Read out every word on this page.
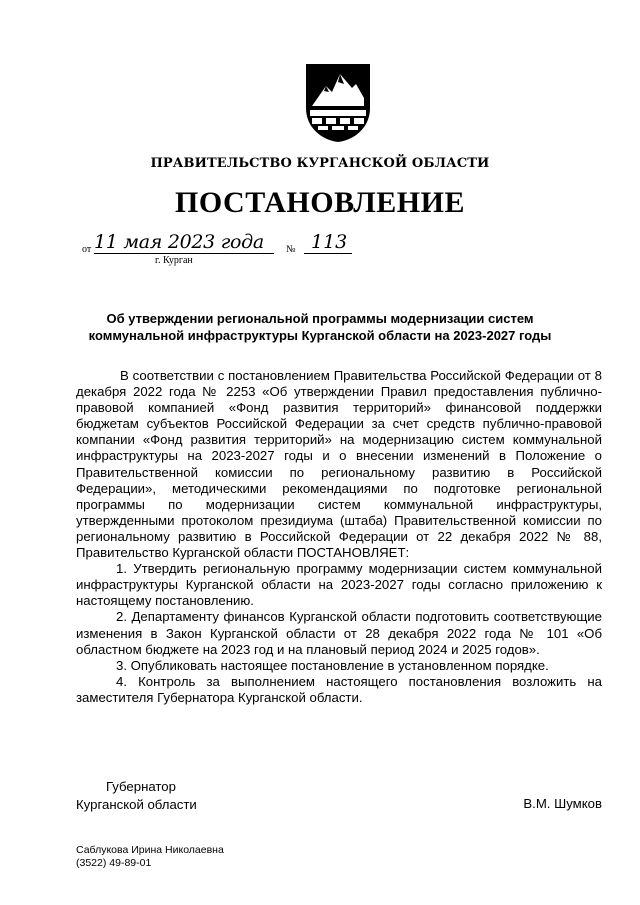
ПРАВИТЕЛЬСТВО КУРГАНСКОЙ ОБЛАСТИ
ПОСТАНОВЛЕНИЕ
от 11 мая 2023 года № 113
г. Курган
Об утверждении региональной программы модернизации систем
коммунальной инфраструктуры Курганской области на 2023-2027 годы

В соответствии с постановлением Правительства Российской Федерации от 8 декабря 2022 года № 2253 «Об утверждении Правил предоставления публично-правовой компанией «Фонд развития территорий» финансовой поддержки бюджетам субъектов Российской Федерации за счет средств публично-правовой компании «Фонд развития территорий» на модернизацию систем коммунальной инфраструктуры на 2023-2027 годы и о внесении изменений в Положение о Правительственной комиссии по региональному развитию в Российской Федерации», методическими рекомендациями по подготовке региональной программы по модернизации систем коммунальной инфраструктуры, утвержденными протоколом президиума (штаба) Правительственной комиссии по региональному развитию в Российской Федерации от 22 декабря 2022 № 88, Правительство Курганской области ПОСТАНОВЛЯЕТ:

1. Утвердить региональную программу модернизации систем коммунальной инфраструктуры Курганской области на 2023-2027 годы согласно приложению к настоящему постановлению.

2. Департаменту финансов Курганской области подготовить соответствующие изменения в Закон Курганской области от 28 декабря 2022 года № 101 «Об областном бюджете на 2023 год и на плановый период 2024 и 2025 годов».

3. Опубликовать настоящее постановление в установленном порядке.

4. Контроль за выполнением настоящего постановления возложить на заместителя Губернатора Курганской области.

Губернатор
Курганской области	В.М. Шумков
Саблукова Ирина Николаевна
(3522) 49-89-01
